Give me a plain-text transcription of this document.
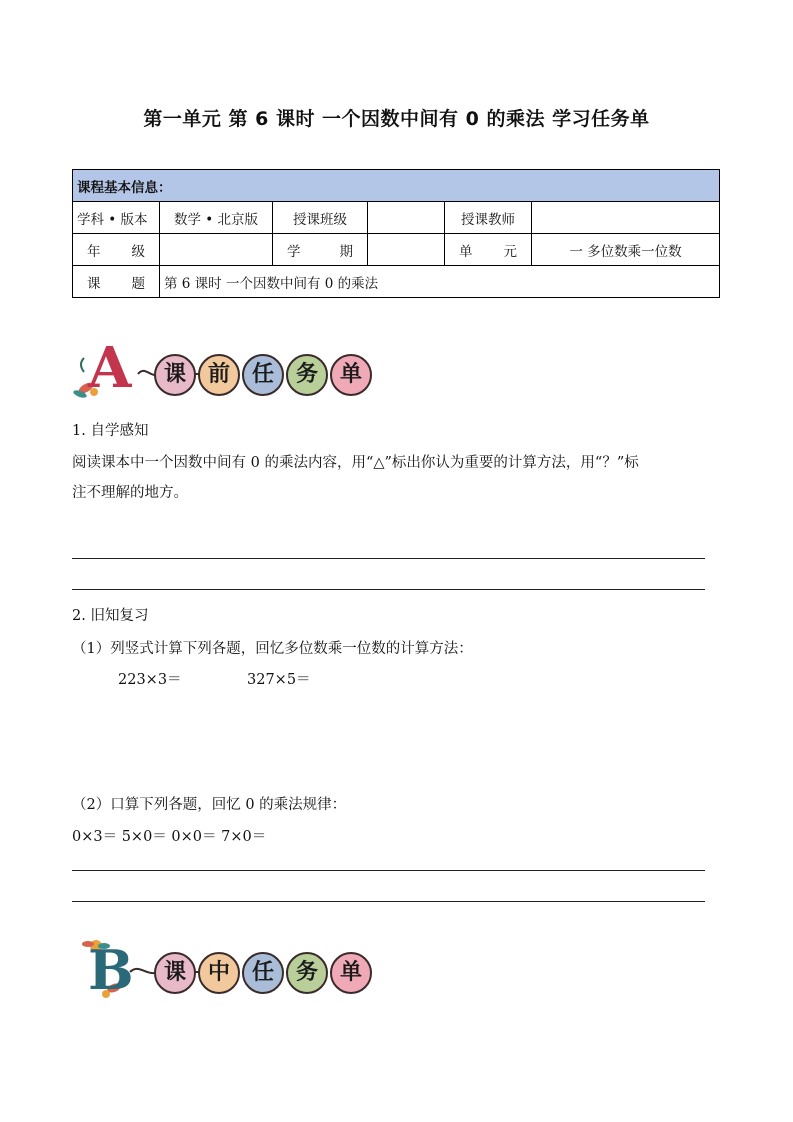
第一单元 第 6 课时 一个因数中间有 0 的乘法 学习任务单
课程基本信息：					
学科 • 版本	数学 • 北京版	授课班级		授课教师	
年 级		学 期		单 元	一 多位数乘一位数
课 题	第 6 课时 一个因数中间有 0 的乘法				
A	课 前 任 务 单
1. 自学感知
阅读课本中一个因数中间有 0 的乘法内容，用“△”标出你认为重要的计算方法，用“？”标
注不理解的地方。
2. 旧知复习
（1）列竖式计算下列各题，回忆多位数乘一位数的计算方法：
223×3＝	327×5＝
（2）口算下列各题，回忆 0 的乘法规律：
0×3＝ 5×0＝ 0×0＝ 7×0＝
B	课 中 任 务 单
